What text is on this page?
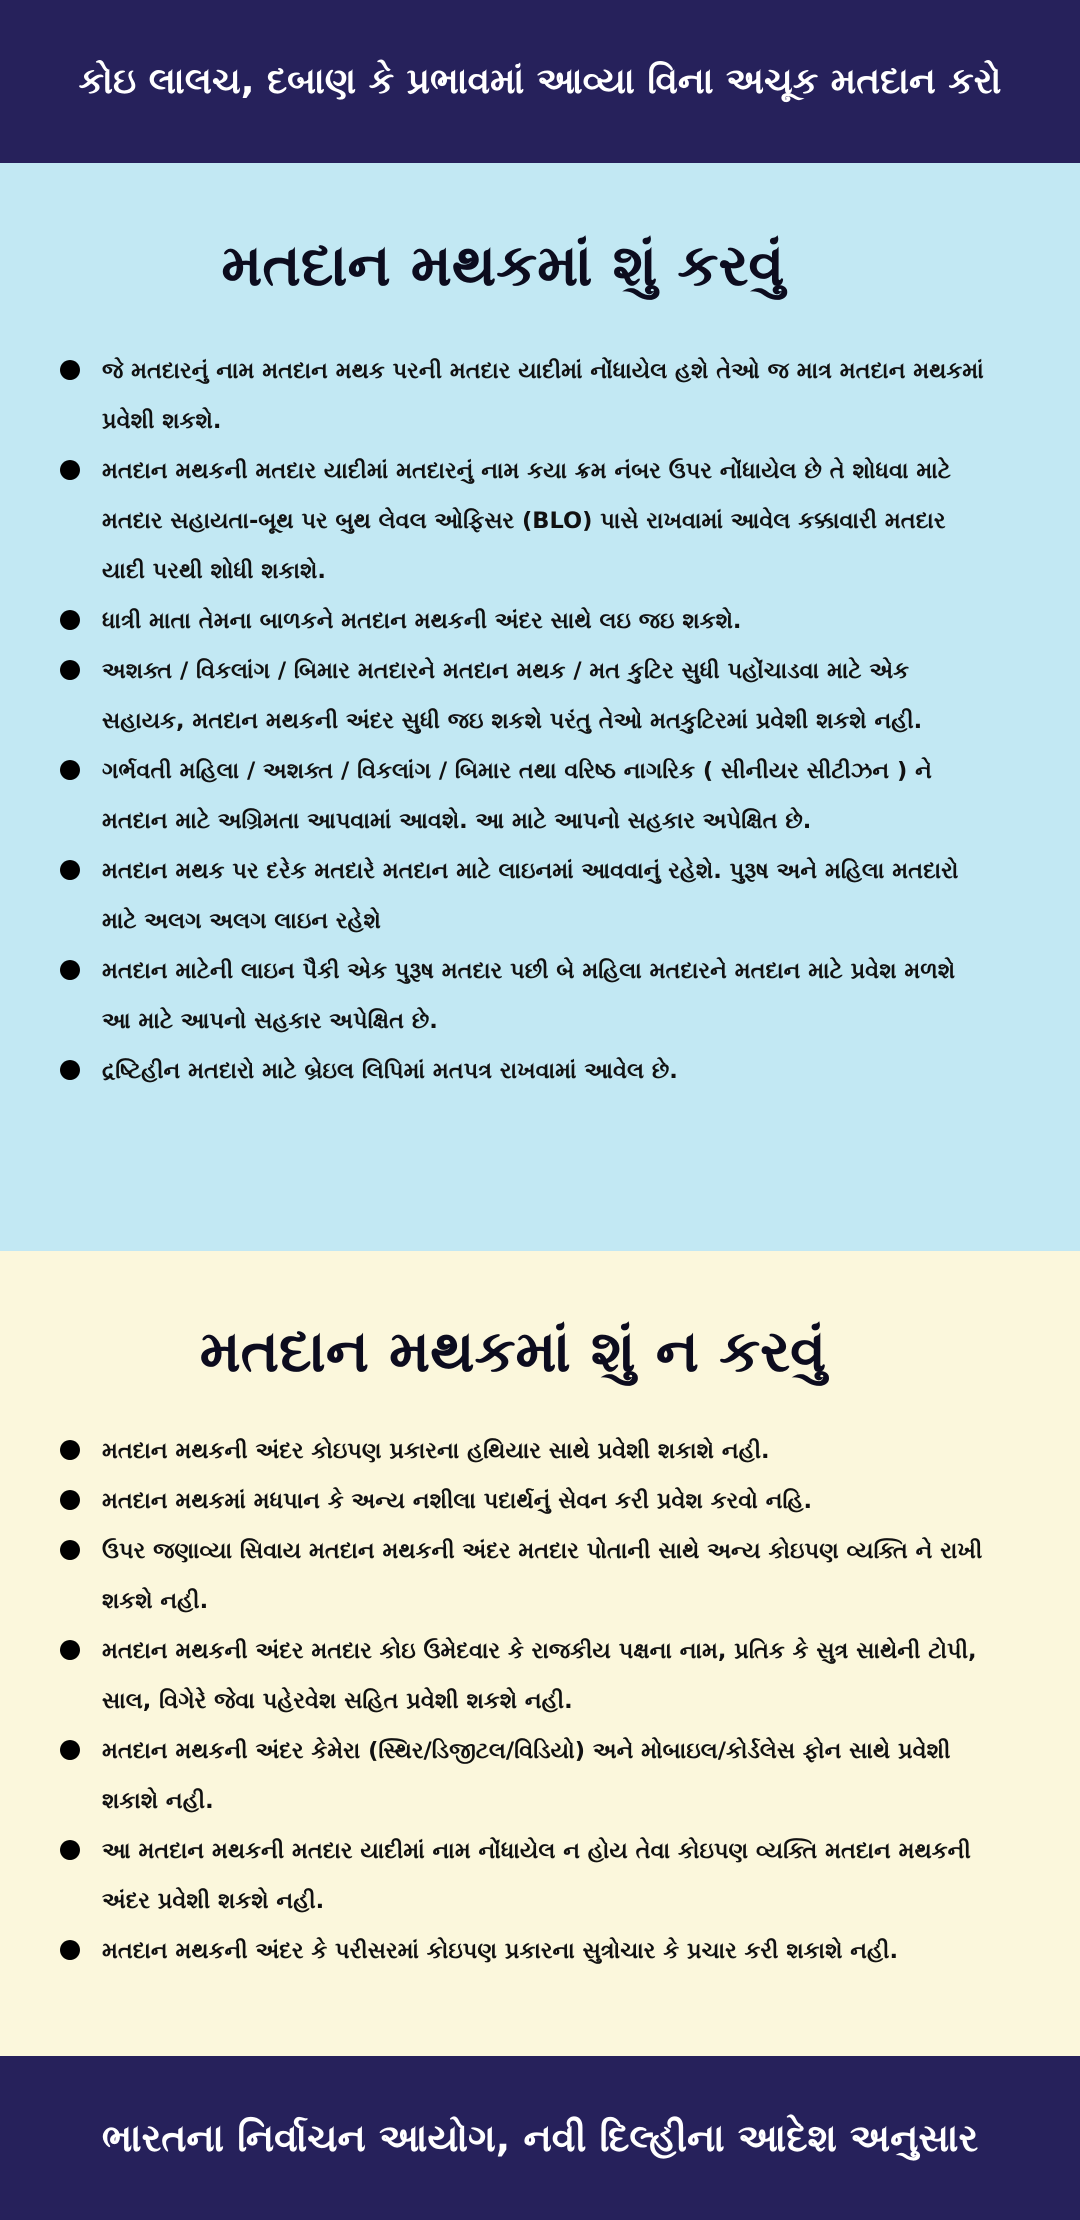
કોઇ લાલચ, દબાણ કે પ્રભાવમાં આવ્યા વિના અચૂક મતદાન કરો
મતદાન મથકમાં શું કરવું
જે મતદારનું નામ મતદાન મથક પરની મતદાર યાદીમાં નોંધાયેલ હશે તેઓ જ માત્ર મતદાન મથકમાં પ્રવેશી શકશે.
મતદાન મથકની મતદાર યાદીમાં મતદારનું નામ કયા ક્રમ નંબર ઉપર નોંધાયેલ છે તે શોધવા માટે મતદાર સહાયતા-બૂથ પર બુથ લેવલ ઓફિસર (BLO) પાસે રાખવામાં આવેલ કક્કાવારી મતદાર યાદી પરથી શોધી શકાશે.
ધાત્રી માતા તેમના બાળકને મતદાન મથકની અંદર સાથે લઇ જઇ શકશે.
અશક્ત / વિકલાંગ / બિમાર મતદારને મતદાન મથક / મત કુટિર સુધી પહોંચાડવા માટે એક સહાયક, મતદાન મથકની અંદર સુધી જઇ શકશે પરંતુ તેઓ મતકુટિરમાં પ્રવેશી શકશે નહી.
ગર્ભવતી મહિલા / અશક્ત / વિકલાંગ / બિમાર તથા વરિષ્ઠ નાગરિક ( સીનીયર સીટીઝન ) ને મતદાન માટે અગ્રિમતા આપવામાં આવશે. આ માટે આપનો સહકાર અપેક્ષિત છે.
મતદાન મથક પર દરેક મતદારે મતદાન માટે લાઇનમાં આવવાનું રહેશે. પુરૂષ અને મહિલા મતદારો માટે અલગ અલગ લાઇન રહેશે
મતદાન માટેની લાઇન પૈકી એક પુરૂષ મતદાર પછી બે મહિલા મતદારને મતદાન માટે પ્રવેશ મળશે આ માટે આપનો સહકાર અપેક્ષિત છે.
દ્રષ્ટિહીન મતદારો માટે બ્રેઇલ લિપિમાં મતપત્ર રાખવામાં આવેલ છે.
મતદાન મથકમાં શું ન કરવું
મતદાન મથકની અંદર કોઇપણ પ્રકારના હથિયાર સાથે પ્રવેશી શકાશે નહી.
મતદાન મથકમાં મધપાન કે અન્ય નશીલા પદાર્થનું સેવન કરી પ્રવેશ કરવો નહિ.
ઉપર જણાવ્યા સિવાય મતદાન મથકની અંદર મતદાર પોતાની સાથે અન્ય કોઇપણ વ્યક્તિ ને રાખી શકશે નહી.
મતદાન મથકની અંદર મતદાર કોઇ ઉમેદવાર કે રાજકીય પક્ષના નામ, પ્રતિક કે સુત્ર સાથેની ટોપી, સાલ, વિગેરે જેવા પહેરવેશ સહિત પ્રવેશી શકશે નહી.
મતદાન મથકની અંદર કેમેરા (સ્થિર/ડિજીટલ/વિડિયો) અને મોબાઇલ/કોર્ડલેસ ફોન સાથે પ્રવેશી શકાશે નહી.
આ મતદાન મથકની મતદાર યાદીમાં નામ નોંધાયેલ ન હોય તેવા કોઇપણ વ્યક્તિ મતદાન મથકની અંદર પ્રવેશી શકશે નહી.
મતદાન મથકની અંદર કે પરીસરમાં કોઇપણ પ્રકારના સુત્રોચાર કે પ્રચાર કરી શકાશે નહી.
ભારતના નિર્વાચન આયોગ, નવી દિલ્હીના આદેશ અનુસાર
